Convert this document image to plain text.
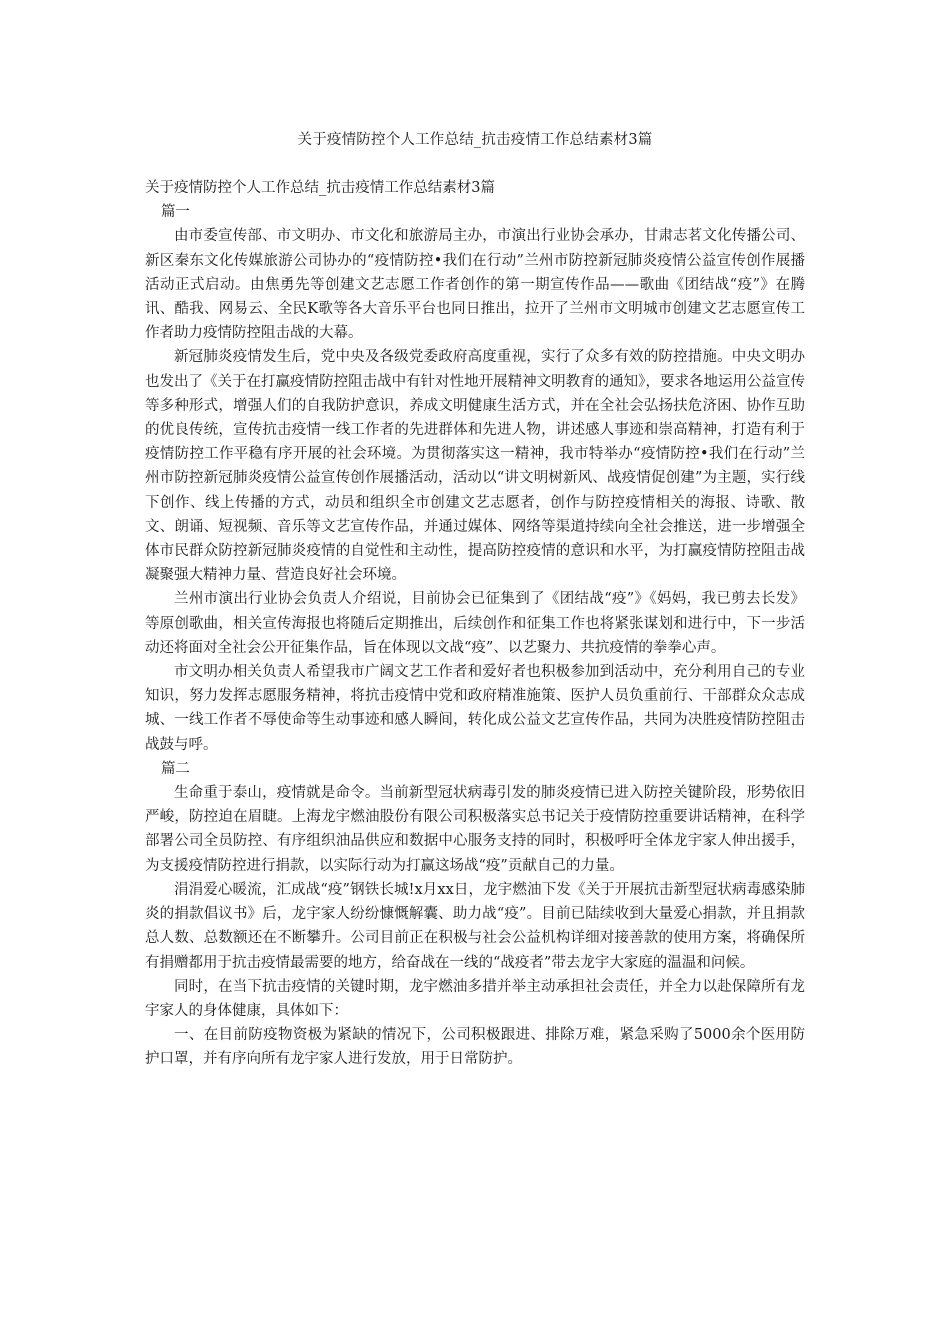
关于疫情防控个人工作总结_抗击疫情工作总结素材3篇

关于疫情防控个人工作总结_抗击疫情工作总结素材3篇

篇一

由市委宣传部、市文明办、市文化和旅游局主办，市演出行业协会承办，甘肃志茗文化传播公司、新区秦东文化传媒旅游公司协办的“疫情防控•我们在行动”兰州市防控新冠肺炎疫情公益宣传创作展播活动正式启动。由焦勇先等创建文艺志愿工作者创作的第一期宣传作品——歌曲《团结战“疫”》在腾讯、酷我、网易云、全民K歌等各大音乐平台也同日推出，拉开了兰州市文明城市创建文艺志愿宣传工作者助力疫情防控阻击战的大幕。

新冠肺炎疫情发生后，党中央及各级党委政府高度重视，实行了众多有效的防控措施。中央文明办也发出了《关于在打赢疫情防控阻击战中有针对性地开展精神文明教育的通知》，要求各地运用公益宣传等多种形式，增强人们的自我防护意识，养成文明健康生活方式，并在全社会弘扬扶危济困、协作互助的优良传统，宣传抗击疫情一线工作者的先进群体和先进人物，讲述感人事迹和崇高精神，打造有利于疫情防控工作平稳有序开展的社会环境。为贯彻落实这一精神，我市特举办“疫情防控•我们在行动”兰州市防控新冠肺炎疫情公益宣传创作展播活动，活动以“讲文明树新风、战疫情促创建”为主题，实行线下创作、线上传播的方式，动员和组织全市创建文艺志愿者，创作与防控疫情相关的海报、诗歌、散文、朗诵、短视频、音乐等文艺宣传作品，并通过媒体、网络等渠道持续向全社会推送，进一步增强全体市民群众防控新冠肺炎疫情的自觉性和主动性，提高防控疫情的意识和水平，为打赢疫情防控阻击战凝聚强大精神力量、营造良好社会环境。

兰州市演出行业协会负责人介绍说，目前协会已征集到了《团结战“疫”》《妈妈，我已剪去长发》等原创歌曲，相关宣传海报也将随后定期推出，后续创作和征集工作也将紧张谋划和进行中，下一步活动还将面对全社会公开征集作品，旨在体现以文战“疫”、以艺聚力、共抗疫情的拳拳心声。

市文明办相关负责人希望我市广阔文艺工作者和爱好者也积极参加到活动中，充分利用自己的专业知识，努力发挥志愿服务精神，将抗击疫情中党和政府精准施策、医护人员负重前行、干部群众众志成城、一线工作者不辱使命等生动事迹和感人瞬间，转化成公益文艺宣传作品，共同为决胜疫情防控阻击战鼓与呼。

篇二

生命重于泰山，疫情就是命令。当前新型冠状病毒引发的肺炎疫情已进入防控关键阶段，形势依旧严峻，防控迫在眉睫。上海龙宇燃油股份有限公司积极落实总书记关于疫情防控重要讲话精神，在科学部署公司全员防控、有序组织油品供应和数据中心服务支持的同时，积极呼吁全体龙宇家人伸出援手，为支援疫情防控进行捐款，以实际行动为打赢这场战“疫”贡献自己的力量。

涓涓爱心暖流，汇成战“疫”钢铁长城!x月xx日，龙宇燃油下发《关于开展抗击新型冠状病毒感染肺炎的捐款倡议书》后，龙宇家人纷纷慷慨解囊、助力战“疫”。目前已陆续收到大量爱心捐款，并且捐款总人数、总数额还在不断攀升。公司目前正在积极与社会公益机构详细对接善款的使用方案，将确保所有捐赠都用于抗击疫情最需要的地方，给奋战在一线的“战疫者”带去龙宇大家庭的温温和问候。

同时，在当下抗击疫情的关键时期，龙宇燃油多措并举主动承担社会责任，并全力以赴保障所有龙宇家人的身体健康，具体如下：

一、在目前防疫物资极为紧缺的情况下，公司积极跟进、排除万难，紧急采购了5000余个医用防护口罩，并有序向所有龙宇家人进行发放，用于日常防护。
